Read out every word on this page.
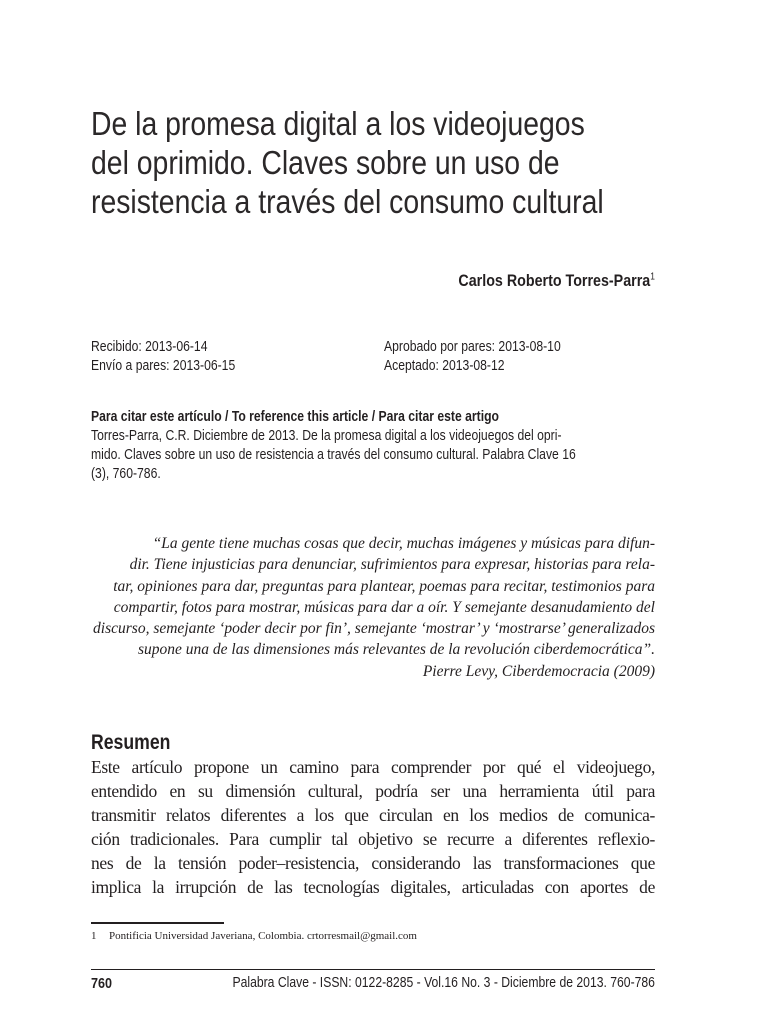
De la promesa digital a los videojuegos
del oprimido. Claves sobre un uso de
resistencia a través del consumo cultural
Carlos Roberto Torres-Parra$^1$
Recibido: 2013-06-14
Envío a pares: 2013-06-15
Aprobado por pares: 2013-08-10
Aceptado: 2013-08-12
Para citar este artículo / To reference this article / Para citar este artigo
Torres-Parra, C.R. Diciembre de 2013. De la promesa digital a los videojuegos del opri-
mido. Claves sobre un uso de resistencia a través del consumo cultural. Palabra Clave 16
(3), 760-786.
“La gente tiene muchas cosas que decir, muchas imágenes y músicas para difun-
dir. Tiene injusticias para denunciar, sufrimientos para expresar, historias para rela-
tar, opiniones para dar, preguntas para plantear, poemas para recitar, testimonios para
compartir, fotos para mostrar, músicas para dar a oír. Y semejante desanudamiento del
discurso, semejante ‘poder decir por fin’, semejante ‘mostrar’ y ‘mostrarse’ generalizados
supone una de las dimensiones más relevantes de la revolución ciberdemocrática”.
Pierre Levy, Ciberdemocracia (2009)
Resumen
Este artículo propone un camino para comprender por qué el videojuego,
entendido en su dimensión cultural, podría ser una herramienta útil para
transmitir relatos diferentes a los que circulan en los medios de comunica-
ción tradicionales. Para cumplir tal objetivo se recurre a diferentes reflexio-
nes de la tensión poder–resistencia, considerando las transformaciones que
implica la irrupción de las tecnologías digitales, articuladas con aportes de
1 Pontificia Universidad Javeriana, Colombia. crtorresmail@gmail.com
760	Palabra Clave - ISSN: 0122-8285 - Vol.16 No. 3 - Diciembre de 2013. 760-786
